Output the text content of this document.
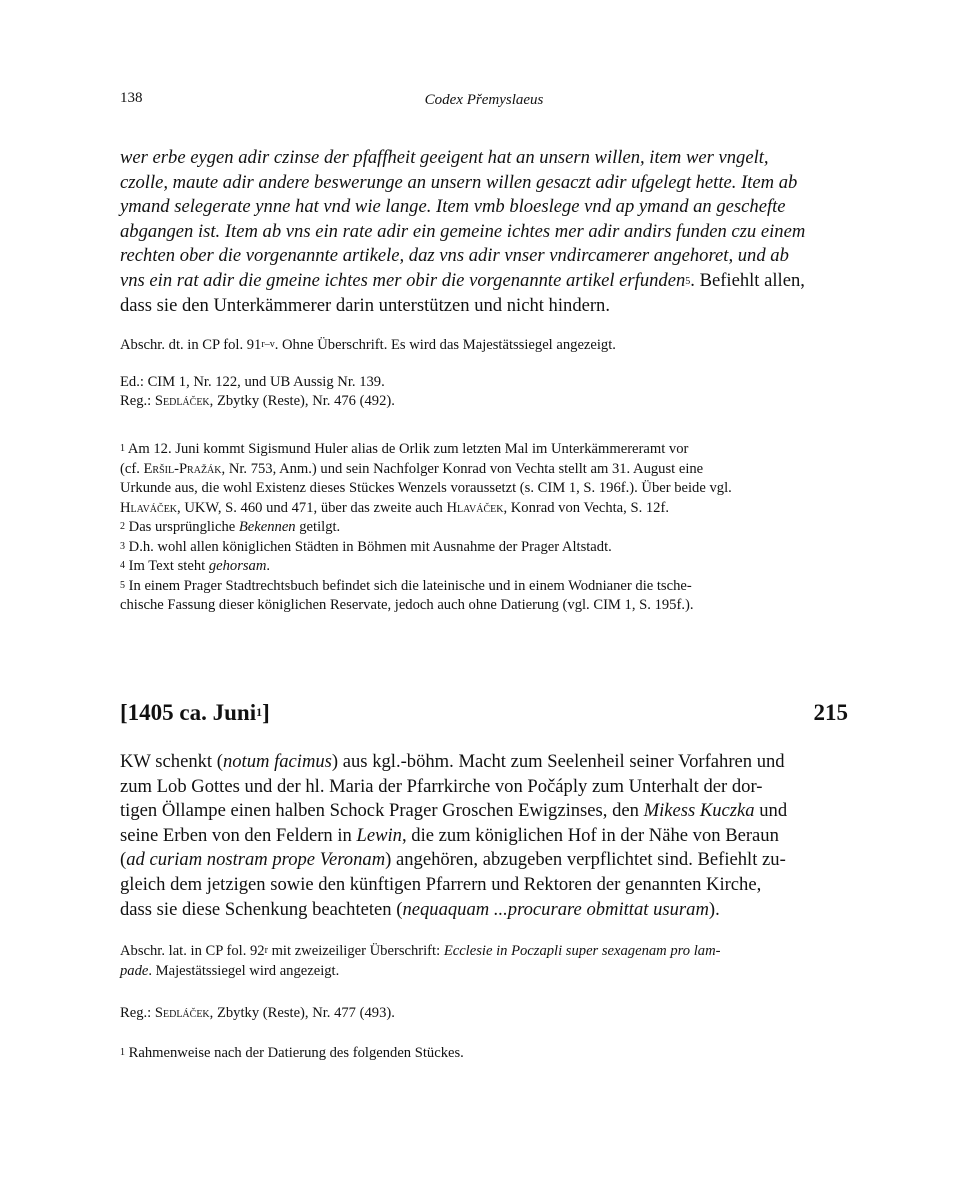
138	Codex Přemyslaeus

wer erbe eygen adir czinse der pfaffheit geeigent hat an unsern willen, item wer vngelt,

czolle, maute adir andere beswerunge an unsern willen gesaczt adir ufgelegt hette. Item ab

ymand selegerate ynne hat vnd wie lange. Item vmb bloeslege vnd ap ymand an geschefte

abgangen ist. Item ab vns ein rate adir ein gemeine ichtes mer adir andirs funden czu einem

rechten ober die vorgenannte artikele, daz vns adir vnser vndircamerer angehoret, und ab

vns ein rat adir die gmeine ichtes mer obir die vorgenannte artikel erfunden$^5$. Befiehlt allen,

dass sie den Unterkämmerer darin unterstützen und nicht hindern.

Abschr. dt. in CP fol. 91$^{r-v}$. Ohne Überschrift. Es wird das Majestätssiegel angezeigt.

Ed.: CIM 1, Nr. 122, und UB Aussig Nr. 139.

Reg.: Sedláček, Zbytky (Reste), Nr. 476 (492).

$^1$ Am 12. Juni kommt Sigismund Huler alias de Orlik zum letzten Mal im Unterkämmereramt vor

(cf. Eršil-Pražák, Nr. 753, Anm.) und sein Nachfolger Konrad von Vechta stellt am 31. August eine

Urkunde aus, die wohl Existenz dieses Stückes Wenzels voraussetzt (s. CIM 1, S. 196f.). Über beide vgl.

Hlaváček, UKW, S. 460 und 471, über das zweite auch Hlaváček, Konrad von Vechta, S. 12f.

$^2$ Das ursprüngliche Bekennen getilgt.

$^3$ D.h. wohl allen königlichen Städten in Böhmen mit Ausnahme der Prager Altstadt.

$^4$ Im Text steht gehorsam.

$^5$ In einem Prager Stadtrechtsbuch befindet sich die lateinische und in einem Wodnianer die tsche-

chische Fassung dieser königlichen Reservate, jedoch auch ohne Datierung (vgl. CIM 1, S. 195f.).

[1405 ca. Juni$^1$]	215

KW schenkt (notum facimus) aus kgl.-böhm. Macht zum Seelenheil seiner Vorfahren und

zum Lob Gottes und der hl. Maria der Pfarrkirche von Počáply zum Unterhalt der dor-

tigen Öllampe einen halben Schock Prager Groschen Ewigzinses, den Mikess Kuczka und

seine Erben von den Feldern in Lewin, die zum königlichen Hof in der Nähe von Beraun

(ad curiam nostram prope Veronam) angehören, abzugeben verpflichtet sind. Befiehlt zu-

gleich dem jetzigen sowie den künftigen Pfarrern und Rektoren der genannten Kirche,

dass sie diese Schenkung beachteten (nequaquam ...procurare obmittat usuram).

Abschr. lat. in CP fol. 92$^r$ mit zweizeiliger Überschrift: Ecclesie in Poczapli super sexagenam pro lam-

pade. Majestätssiegel wird angezeigt.

Reg.: Sedláček, Zbytky (Reste), Nr. 477 (493).

$^1$ Rahmenweise nach der Datierung des folgenden Stückes.
